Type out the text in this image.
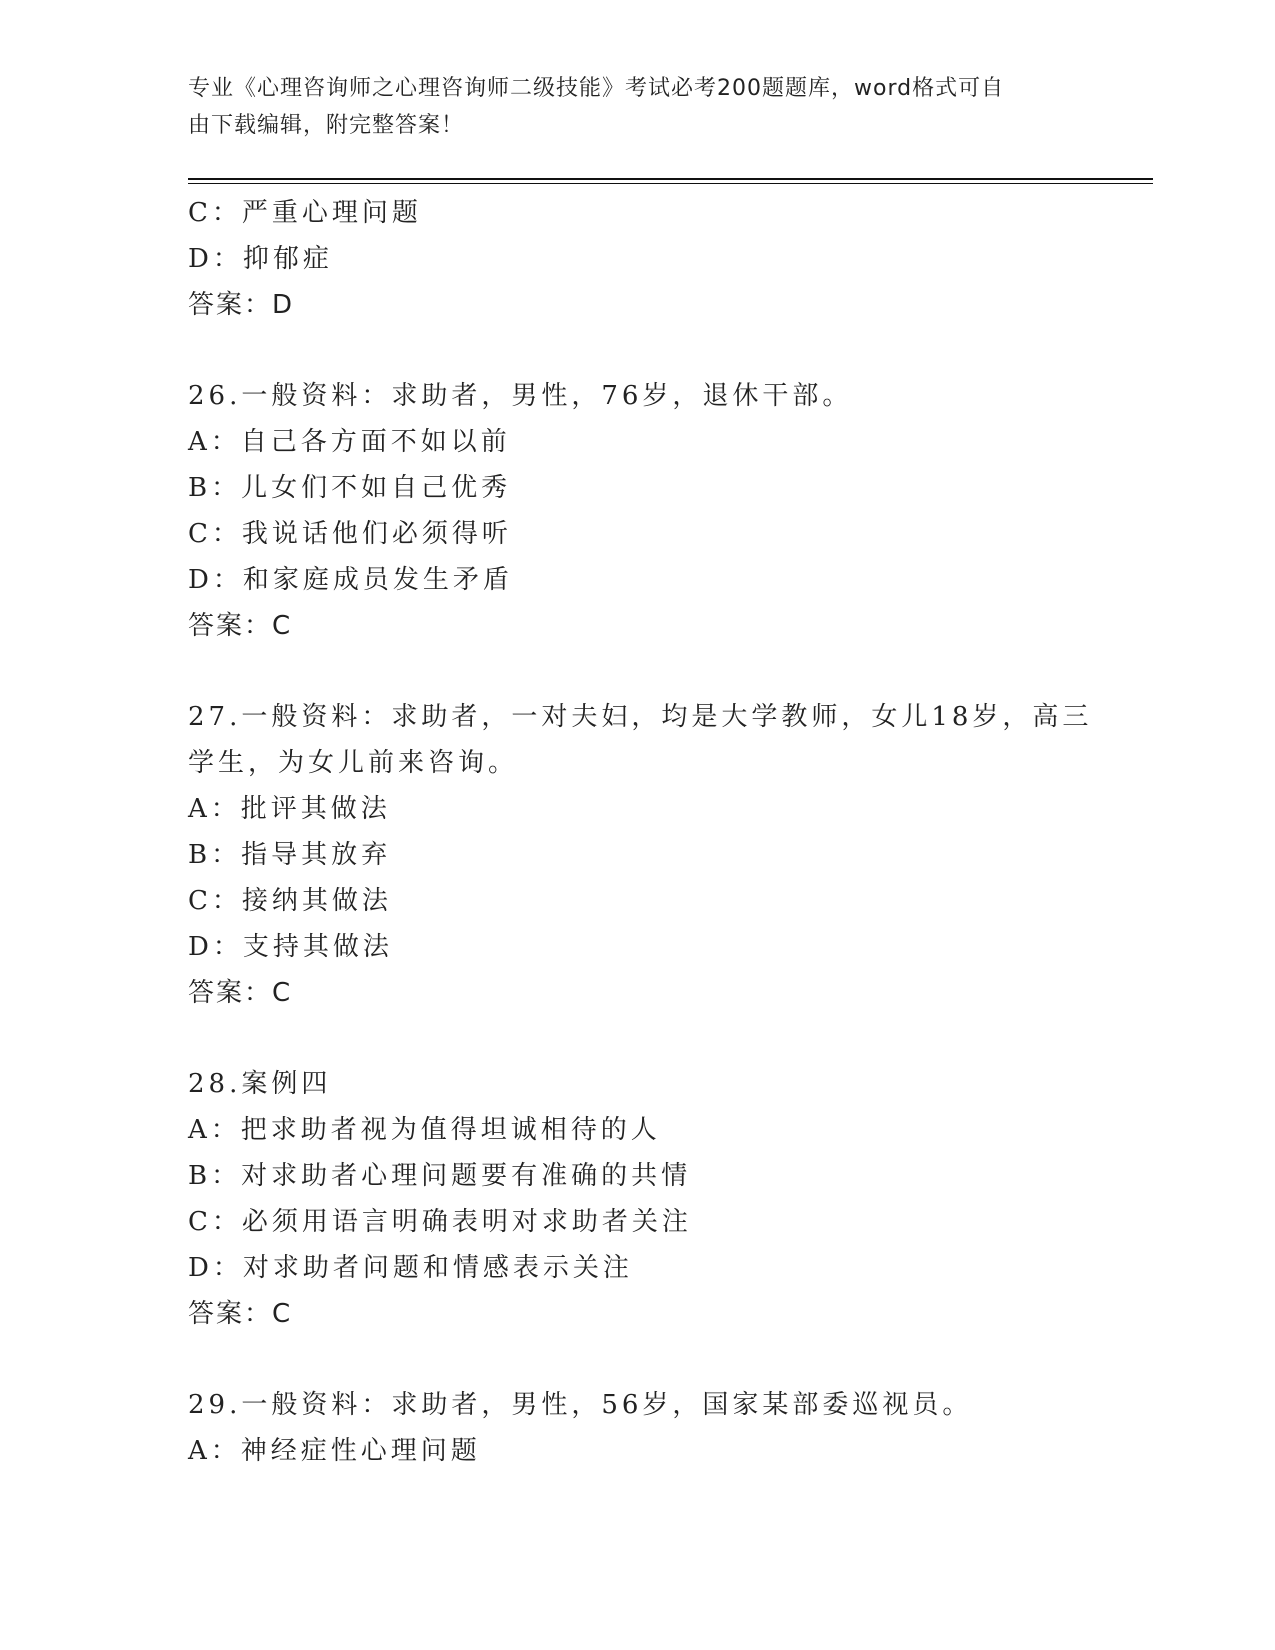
专业《心理咨询师之心理咨询师二级技能》考试必考200题题库，word格式可自
由下载编辑，附完整答案！
C：严重心理问题
D：抑郁症
答案：D
26.一般资料：求助者，男性，76岁，退休干部。
A：自己各方面不如以前
B：儿女们不如自己优秀
C：我说话他们必须得听
D：和家庭成员发生矛盾
答案：C
27.一般资料：求助者，一对夫妇，均是大学教师，女儿18岁，高三
学生，为女儿前来咨询。
A：批评其做法
B：指导其放弃
C：接纳其做法
D：支持其做法
答案：C
28.案例四
A：把求助者视为值得坦诚相待的人
B：对求助者心理问题要有准确的共情
C：必须用语言明确表明对求助者关注
D：对求助者问题和情感表示关注
答案：C
29.一般资料：求助者，男性，56岁，国家某部委巡视员。
A：神经症性心理问题
